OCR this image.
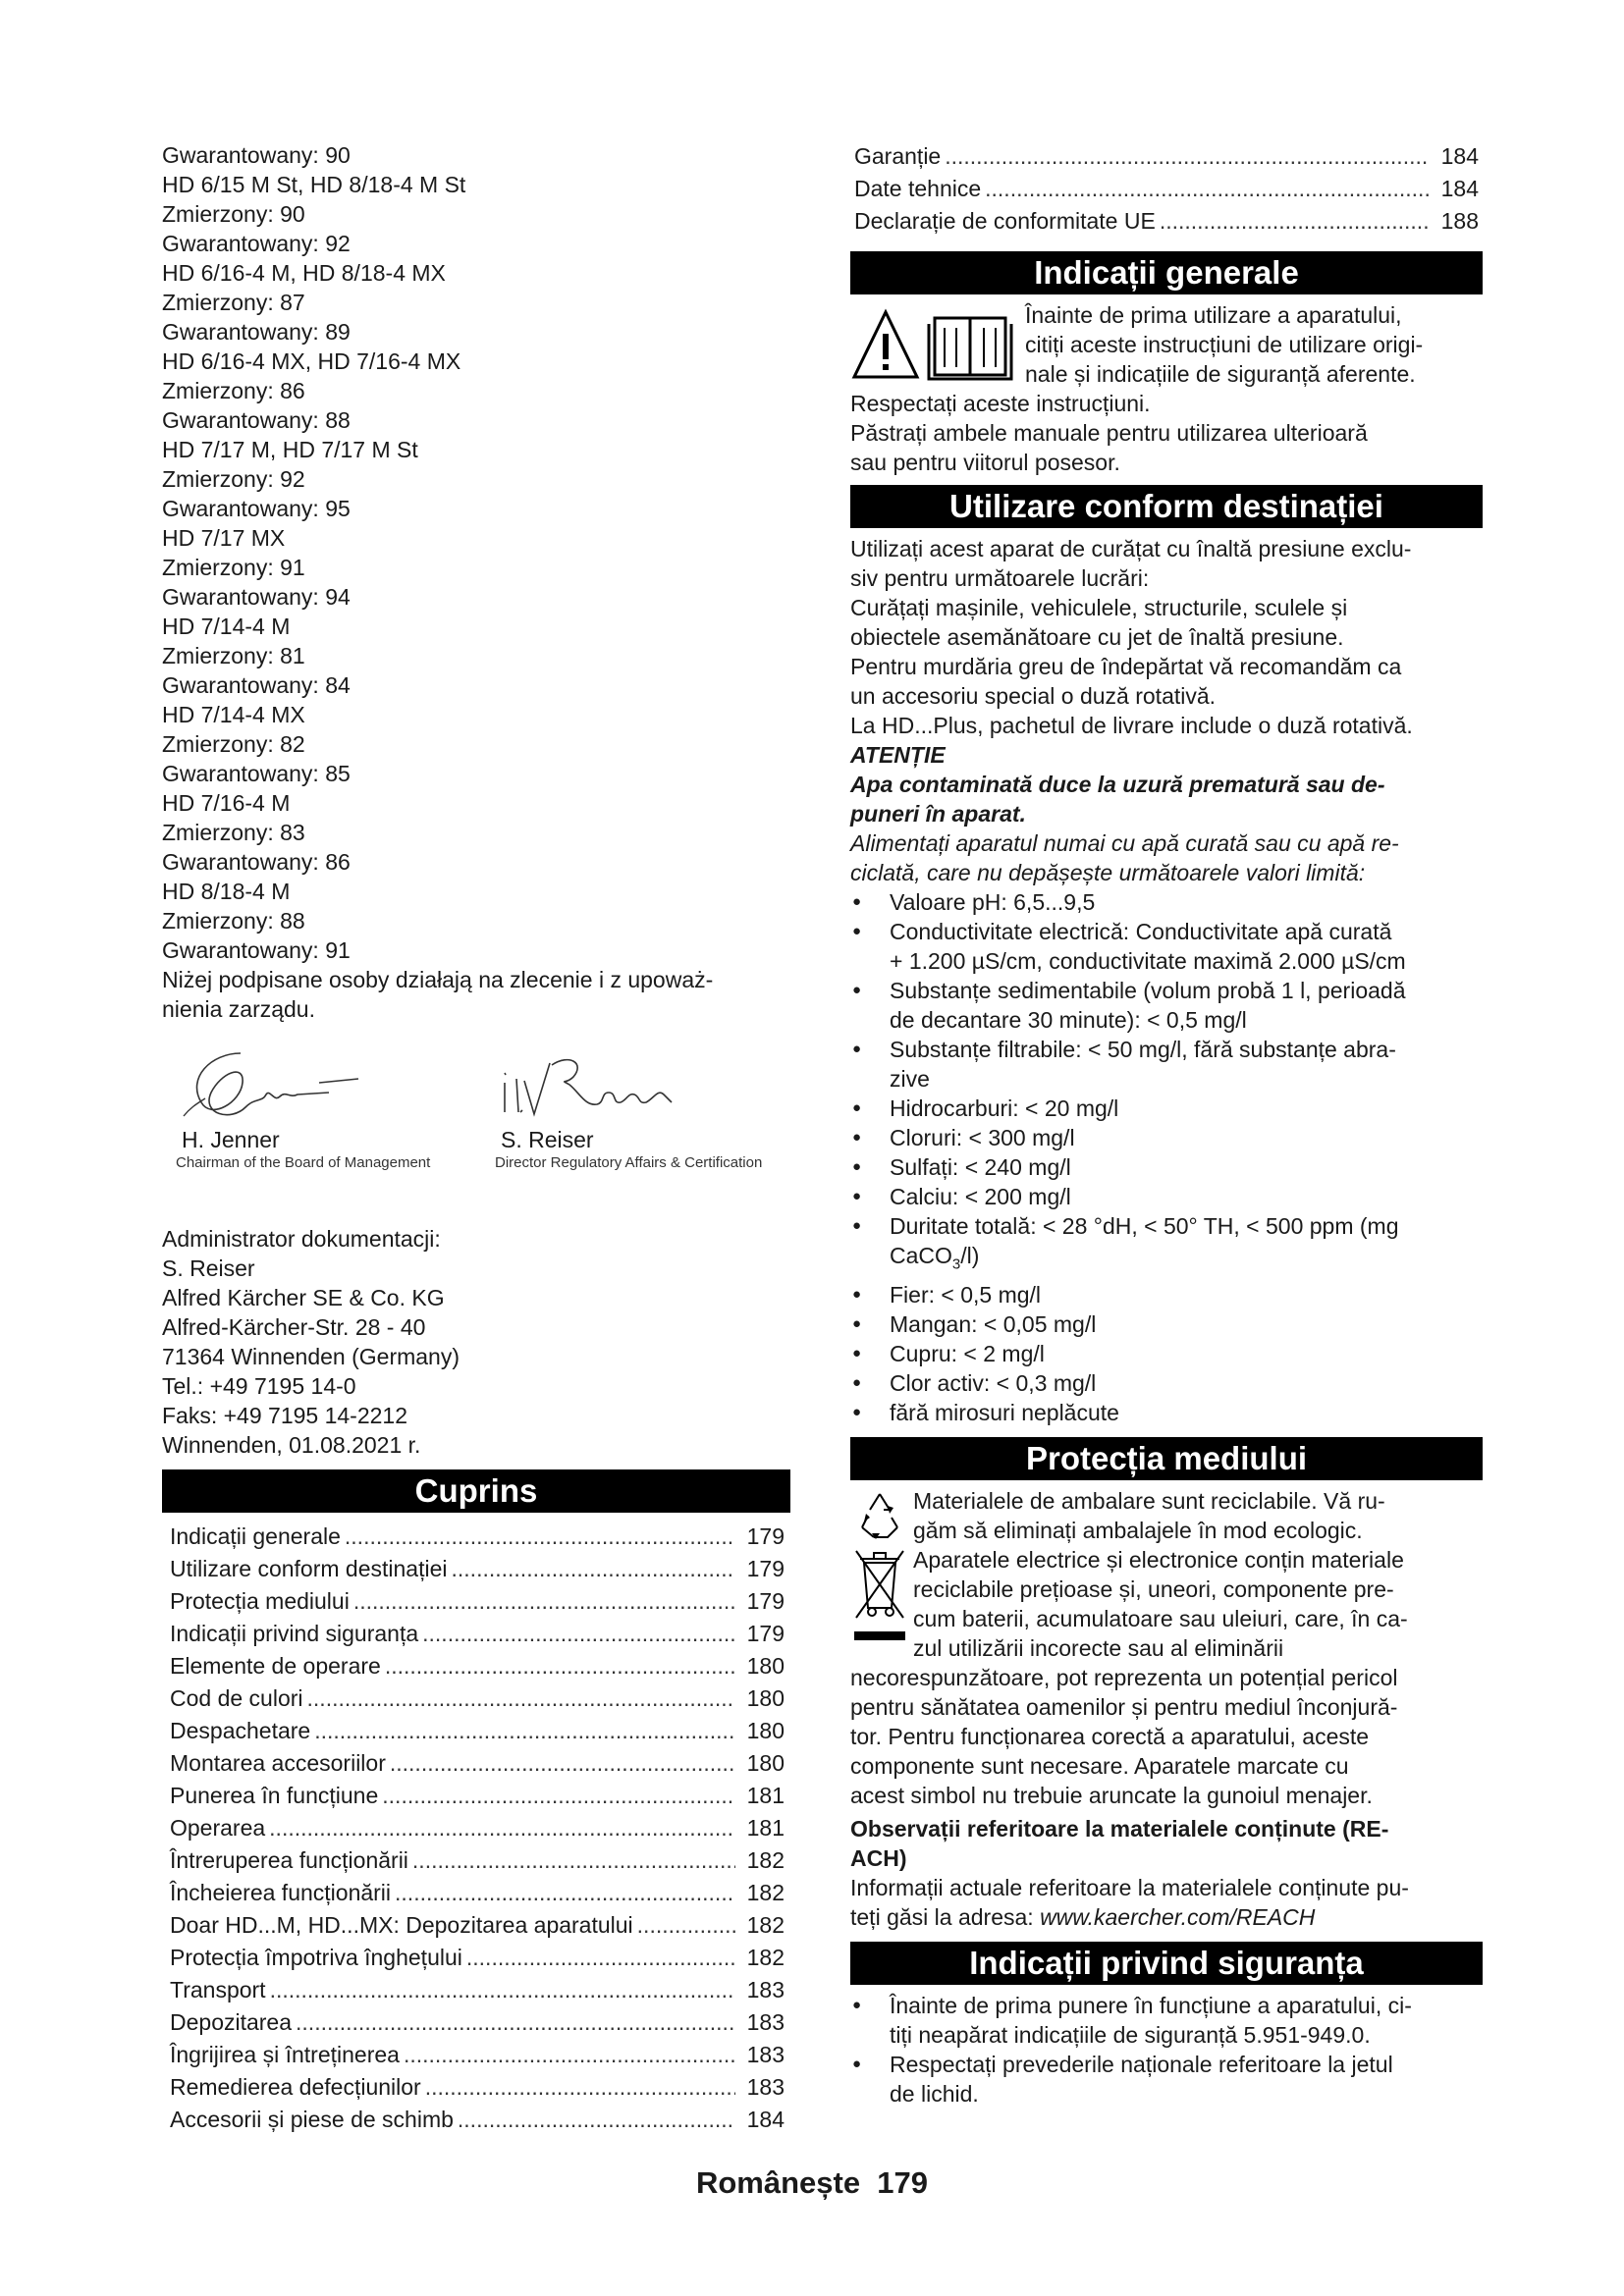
Gwarantowany: 90
HD 6/15 M St, HD 8/18-4 M St
Zmierzony: 90
Gwarantowany: 92
HD 6/16-4 M, HD 8/18-4 MX
Zmierzony: 87
Gwarantowany: 89
HD 6/16-4 MX, HD 7/16-4 MX
Zmierzony: 86
Gwarantowany: 88
HD 7/17 M, HD 7/17 M St
Zmierzony: 92
Gwarantowany: 95
HD 7/17 MX
Zmierzony: 91
Gwarantowany: 94
HD 7/14-4 M
Zmierzony: 81
Gwarantowany: 84
HD 7/14-4 MX
Zmierzony: 82
Gwarantowany: 85
HD 7/16-4 M
Zmierzony: 83
Gwarantowany: 86
HD 8/18-4 M
Zmierzony: 88
Gwarantowany: 91
Niżej podpisane osoby działają na zlecenie i z upoważ-
nienia zarządu.
H. Jenner
Chairman of the Board of Management
S. Reiser
Director Regulatory Affairs & Certification
Administrator dokumentacji:
S. Reiser
Alfred Kärcher SE & Co. KG
Alfred-Kärcher-Str. 28 - 40
71364 Winnenden (Germany)
Tel.: +49 7195 14-0
Faks: +49 7195 14-2212
Winnenden, 01.08.2021 r.
Cuprins
Indicații generale .....	179
Utilizare conform destinației .....	179
Protecția mediului .....	179
Indicații privind siguranța .....	179
Elemente de operare .....	180
Cod de culori .....	180
Despachetare .....	180
Montarea accesoriilor .....	180
Punerea în funcțiune .....	181
Operarea .....	181
Întreruperea funcționării .....	182
Încheierea funcționării .....	182
Doar HD...M, HD...MX: Depozitarea aparatului .....	182
Protecția împotriva înghețului .....	182
Transport .....	183
Depozitarea .....	183
Îngrijirea și întreținerea .....	183
Remedierea defecțiunilor .....	183
Accesorii și piese de schimb .....	184
Garanție .....	184
Date tehnice .....	184
Declarație de conformitate UE .....	188
Indicații generale
Înainte de prima utilizare a aparatului,
citiți aceste instrucțiuni de utilizare origi-
nale și indicațiile de siguranță aferente.
Respectați aceste instrucțiuni.
Păstrați ambele manuale pentru utilizarea ulterioară
sau pentru viitorul posesor.
Utilizare conform destinației
Utilizați acest aparat de curățat cu înaltă presiune exclu-
siv pentru următoarele lucrări:
Curățați mașinile, vehiculele, structurile, sculele și
obiectele asemănătoare cu jet de înaltă presiune.
Pentru murdăria greu de îndepărtat vă recomandăm ca
un accesoriu special o duză rotativă.
La HD...Plus, pachetul de livrare include o duză rotativă.
ATENȚIE
Apa contaminată duce la uzură prematură sau de-
puneri în aparat.
Alimentați aparatul numai cu apă curată sau cu apă re-
ciclată, care nu depășește următoarele valori limită:
● Valoare pH: 6,5...9,5
● Conductivitate electrică: Conductivitate apă curată
+ 1.200 µS/cm, conductivitate maximă 2.000 µS/cm
● Substanțe sedimentabile (volum probă 1 l, perioadă
de decantare 30 minute): < 0,5 mg/l
● Substanțe filtrabile: < 50 mg/l, fără substanțe abra-
zive
● Hidrocarburi: < 20 mg/l
● Cloruri: < 300 mg/l
● Sulfați: < 240 mg/l
● Calciu: < 200 mg/l
● Duritate totală: < 28 °dH, < 50° TH, < 500 ppm (mg
CaCO$_3$/l)
● Fier: < 0,5 mg/l
● Mangan: < 0,05 mg/l
● Cupru: < 2 mg/l
● Clor activ: < 0,3 mg/l
● fără mirosuri neplăcute
Protecția mediului
Materialele de ambalare sunt reciclabile. Vă ru-
găm să eliminați ambalajele în mod ecologic.
Aparatele electrice și electronice conțin materiale
reciclabile prețioase și, uneori, componente pre-
cum baterii, acumulatoare sau uleiuri, care, în ca-
zul utilizării incorecte sau al eliminării
necorespunzătoare, pot reprezenta un potențial pericol
pentru sănătatea oamenilor și pentru mediul înconjură-
tor. Pentru funcționarea corectă a aparatului, aceste
componente sunt necesare. Aparatele marcate cu
acest simbol nu trebuie aruncate la gunoiul menajer.
Observații referitoare la materialele conținute (RE-
ACH)
Informații actuale referitoare la materialele conținute pu-
teți găsi la adresa: www.kaercher.com/REACH
Indicații privind siguranța
● Înainte de prima punere în funcțiune a aparatului, ci-
tiți neapărat indicațiile de siguranță 5.951-949.0.
● Respectați prevederile naționale referitoare la jetul
de lichid.
Românește 179
